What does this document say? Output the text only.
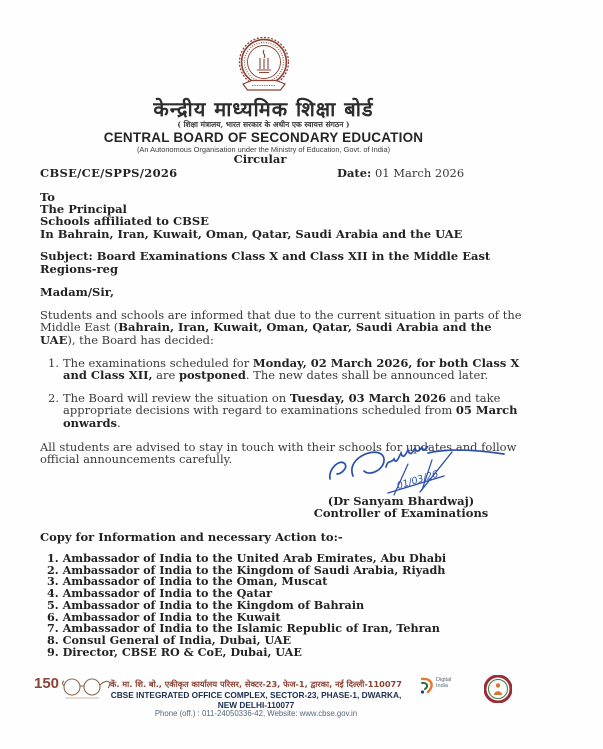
केन्द्रीय माध्यमिक शिक्षा बोर्ड
( शिक्षा मंत्रालय, भारत सरकार के अधीन एक स्वायत्त संगठन )
CENTRAL BOARD OF SECONDARY EDUCATION
(An Autonomous Organisation under the Ministry of Education, Govt. of India)
Circular
CBSE/CE/SPPS/2026	Date: 01 March 2026
To
The Principal
Schools affiliated to CBSE
In Bahrain, Iran, Kuwait, Oman, Qatar, Saudi Arabia and the UAE
Subject: Board Examinations Class X and Class XII in the Middle East Regions-reg
Madam/Sir,
Students and schools are informed that due to the current situation in parts of the Middle East (Bahrain, Iran, Kuwait, Oman, Qatar, Saudi Arabia and the UAE), the Board has decided:
1. The examinations scheduled for Monday, 02 March 2026, for both Class X and Class XII, are postponed. The new dates shall be announced later.
2. The Board will review the situation on Tuesday, 03 March 2026 and take appropriate decisions with regard to examinations scheduled from 05 March onwards.
All students are advised to stay in touch with their schools for updates and follow official announcements carefully.
01/03/26
(Dr Sanyam Bhardwaj)
Controller of Examinations
Copy for Information and necessary Action to:-
1. Ambassador of India to the United Arab Emirates, Abu Dhabi
2. Ambassador of India to the Kingdom of Saudi Arabia, Riyadh
3. Ambassador of India to the Oman, Muscat
4. Ambassador of India to the Qatar
5. Ambassador of India to the Kingdom of Bahrain
6. Ambassador of India to the Kuwait
7. Ambassador of India to the Islamic Republic of Iran, Tehran
8. Consul General of India, Dubai, UAE
9. Director, CBSE RO & CoE, Dubai, UAE
150	कें. मा. शि. बो., एकीकृत कार्यालय परिसर, सेक्टर-23, फेज-1, द्वारका, नई दिल्ली-110077
CBSE INTEGRATED OFFICE COMPLEX, SECTOR-23, PHASE-1, DWARKA, NEW DELHI-110077
Phone (off.) : 011-24050336-42, Website: www.cbse.gov.in
Digital India
